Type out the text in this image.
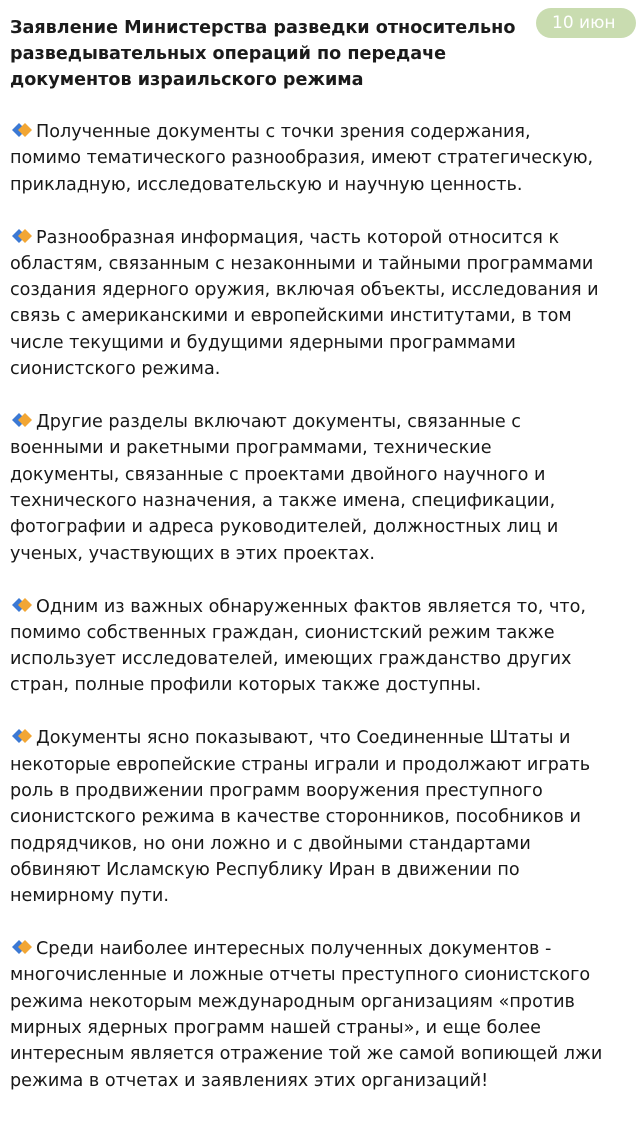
10 июн
Заявление Министерства разведки относительно разведывательных операций по передаче документов израильского режима
Полученные документы с точки зрения содержания, помимо тематического разнообразия, имеют стратегическую, прикладную, исследовательскую и научную ценность.
Разнообразная информация, часть которой относится к областям, связанным с незаконными и тайными программами создания ядерного оружия, включая объекты, исследования и связь с американскими и европейскими институтами, в том числе текущими и будущими ядерными программами сионистского режима.
Другие разделы включают документы, связанные с военными и ракетными программами, технические документы, связанные с проектами двойного научного и технического назначения, а также имена, спецификации, фотографии и адреса руководителей, должностных лиц и ученых, участвующих в этих проектах.
Одним из важных обнаруженных фактов является то, что, помимо собственных граждан, сионистский режим также использует исследователей, имеющих гражданство других стран, полные профили которых также доступны.
Документы ясно показывают, что Соединенные Штаты и некоторые европейские страны играли и продолжают играть роль в продвижении программ вооружения преступного сионистского режима в качестве сторонников, пособников и подрядчиков, но они ложно и с двойными стандартами обвиняют Исламскую Республику Иран в движении по немирному пути.
Среди наиболее интересных полученных документов - многочисленные и ложные отчеты преступного сионистского режима некоторым международным организациям «против мирных ядерных программ нашей страны», и еще более интересным является отражение той же самой вопиющей лжи режима в отчетах и заявлениях этих организаций!
